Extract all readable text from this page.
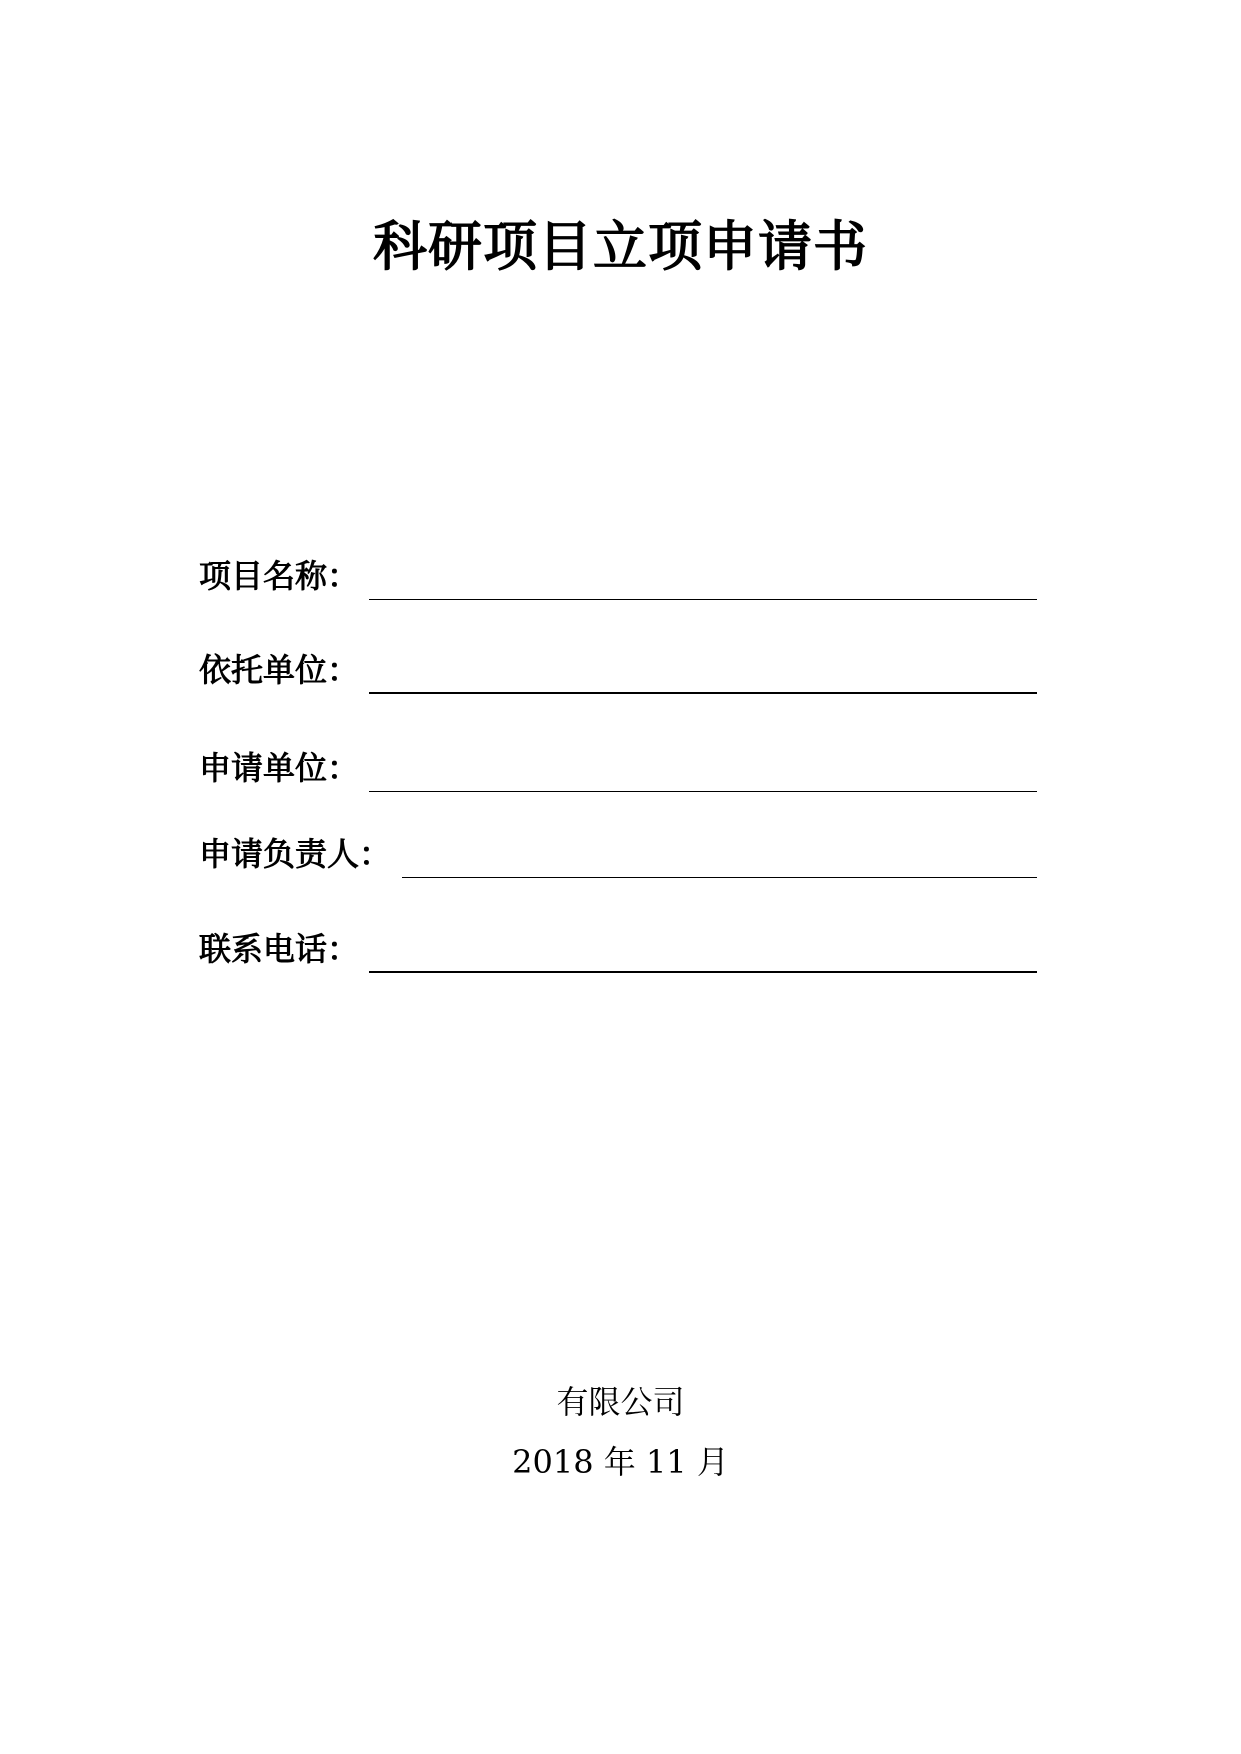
科研项目立项申请书
项目名称：
依托单位：
申请单位：
申请负责人：
联系电话：
有限公司
2018 年 11 月
